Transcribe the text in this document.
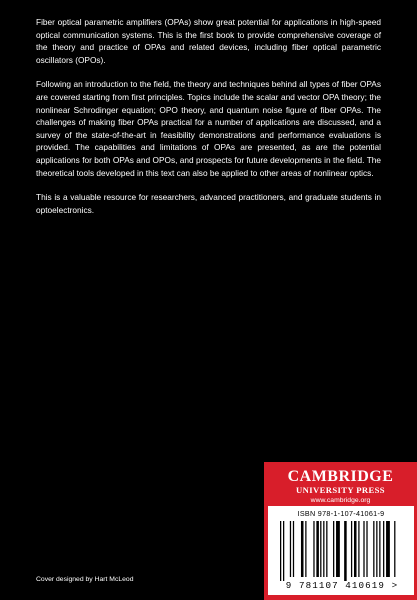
Fiber optical parametric amplifiers (OPAs) show great potential for applications in high-speed optical communication systems. This is the first book to provide comprehensive coverage of the theory and practice of OPAs and related devices, including fiber optical parametric oscillators (OPOs).

Following an introduction to the field, the theory and techniques behind all types of fiber OPAs are covered starting from first principles. Topics include the scalar and vector OPA theory; the nonlinear Schrodinger equation; OPO theory, and quantum noise figure of fiber OPAs. The challenges of making fiber OPAs practical for a number of applications are discussed, and a survey of the state-of-the-art in feasibility demonstrations and performance evaluations is provided. The capabilities and limitations of OPAs are presented, as are the potential applications for both OPAs and OPOs, and prospects for future developments in the field. The theoretical tools developed in this text can also be applied to other areas of nonlinear optics.

This is a valuable resource for researchers, advanced practitioners, and graduate students in optoelectronics.

CAMBRIDGE
UNIVERSITY PRESS
www.cambridge.org
ISBN 978-1-107-41061-9
9 781107 410619 >
Cover designed by Hart McLeod
